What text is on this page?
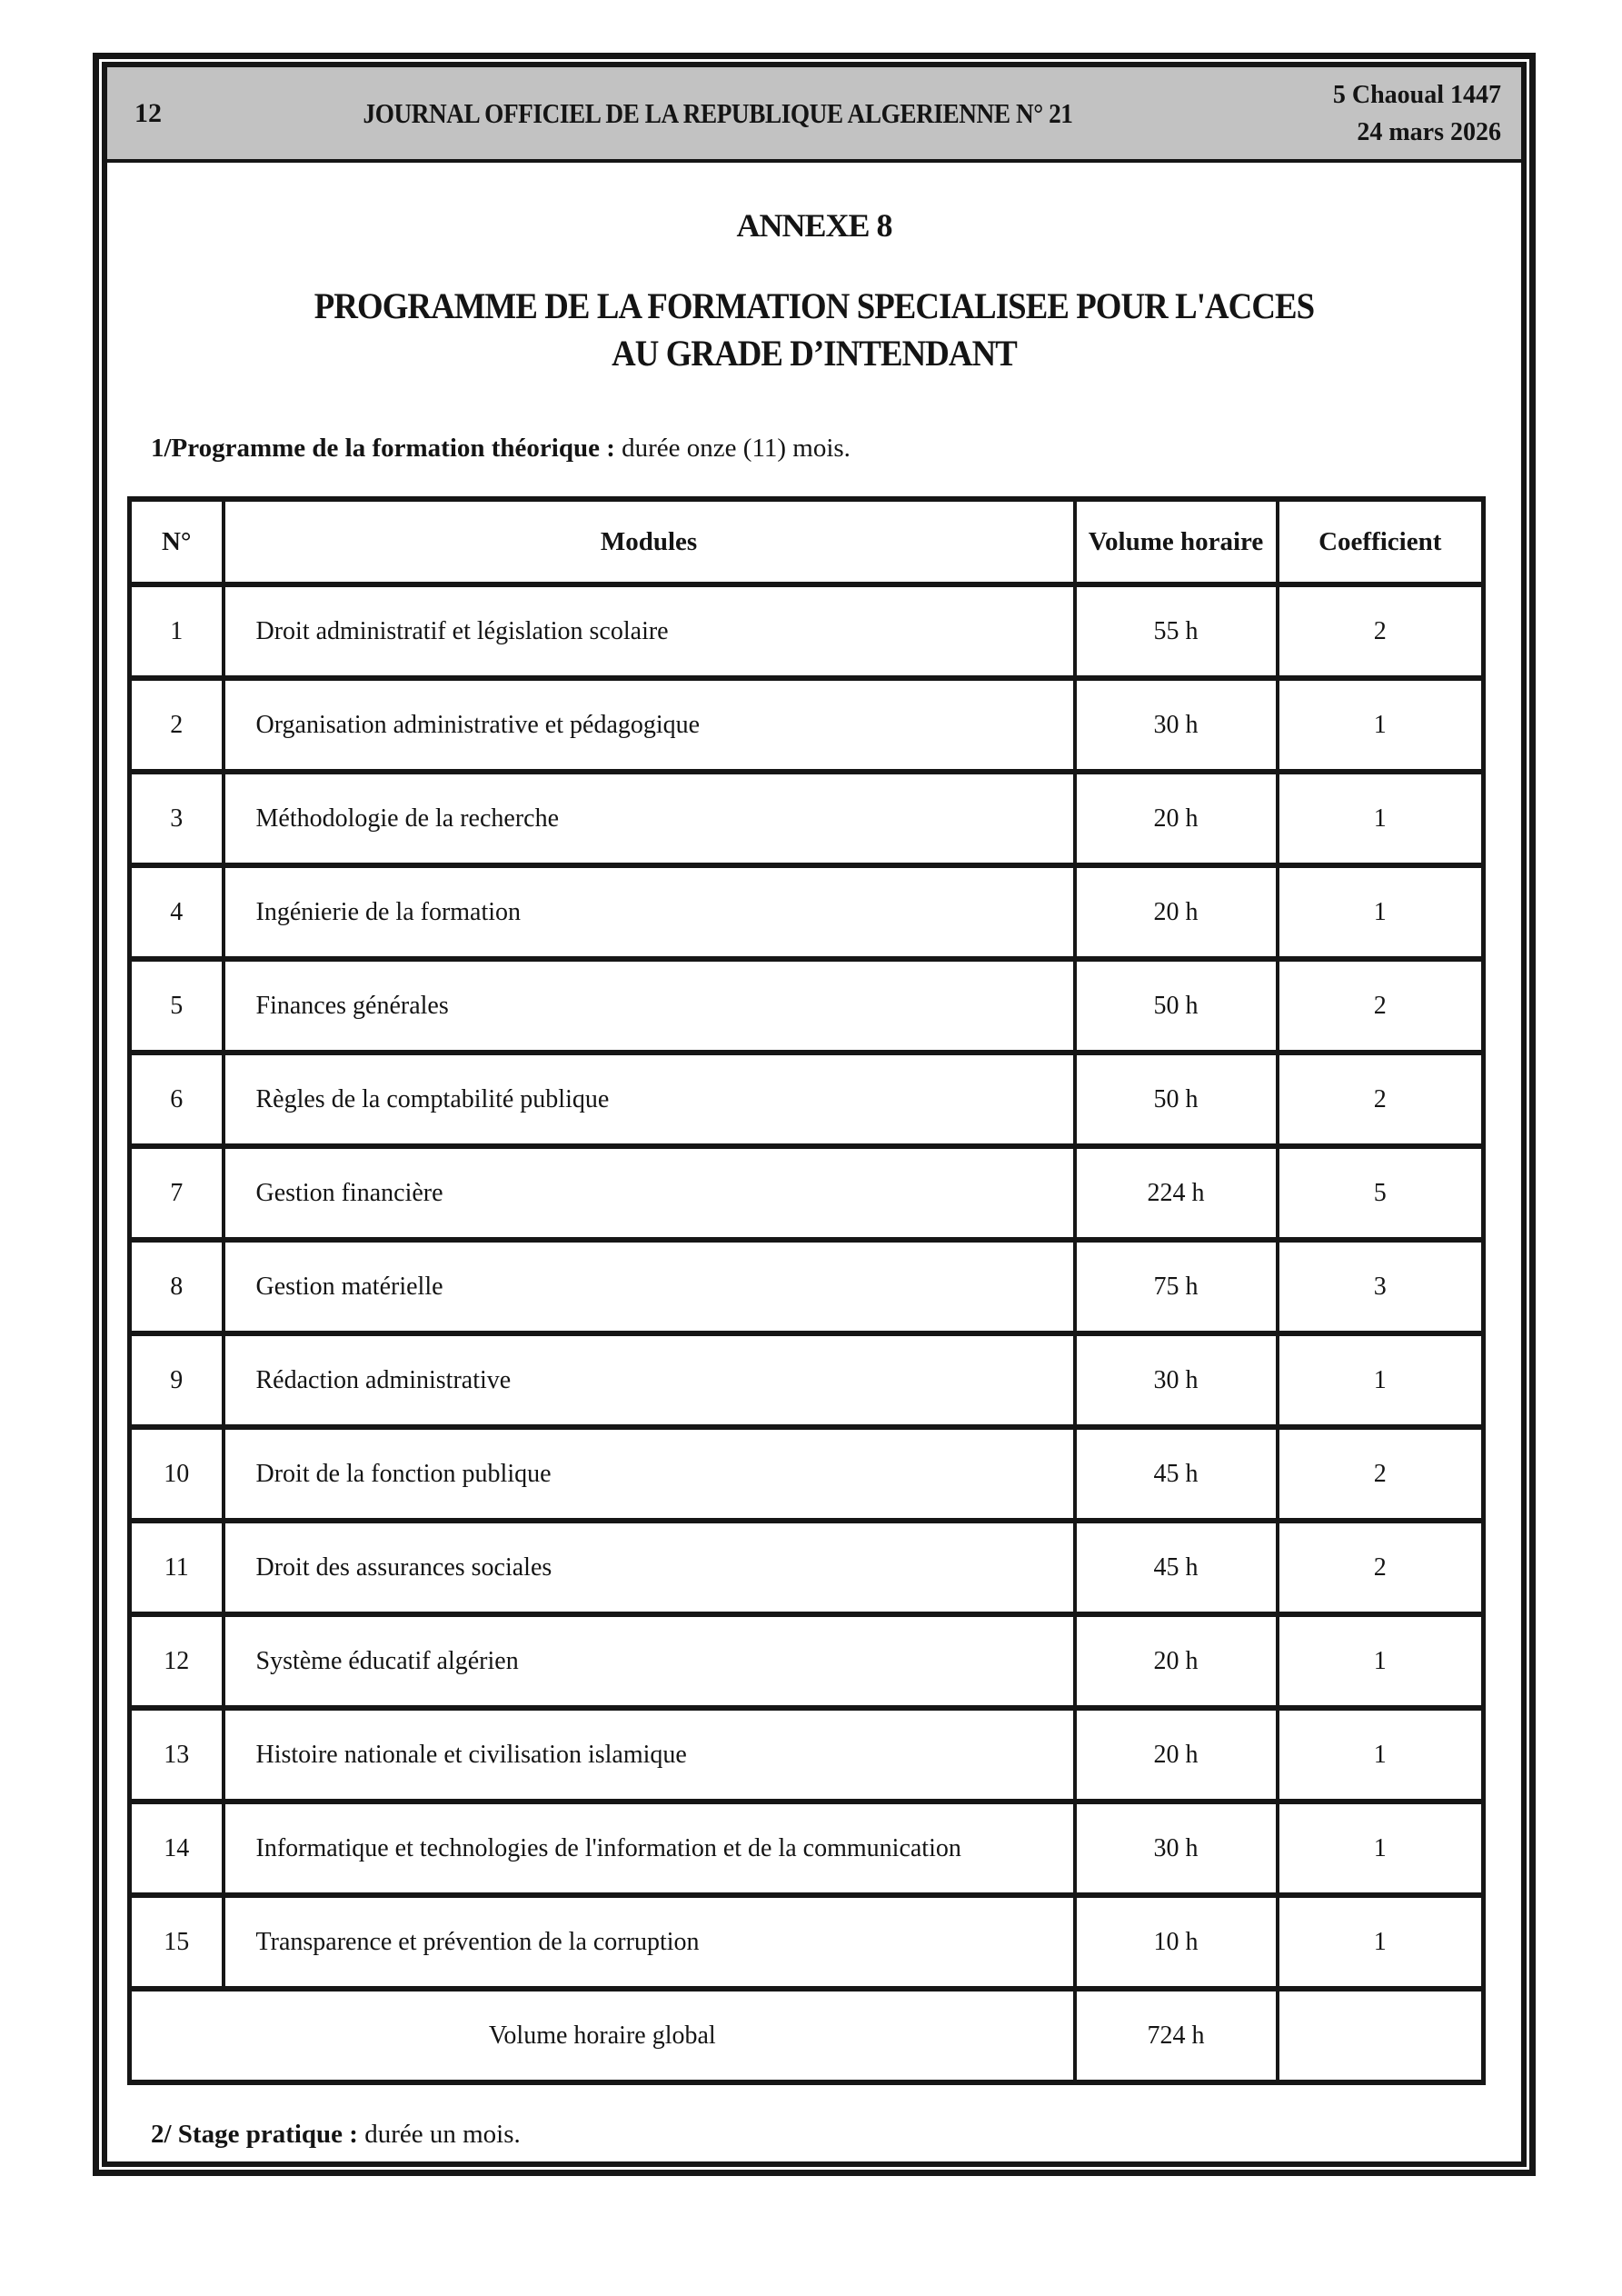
12	JOURNAL OFFICIEL DE LA REPUBLIQUE ALGERIENNE N° 21
5 Chaoual 1447
24 mars 2026
ANNEXE 8
PROGRAMME DE LA FORMATION SPECIALISEE POUR L'ACCES
AU GRADE D’INTENDANT
1/Programme de la formation théorique : durée onze (11) mois.
N°	Modules	Volume horaire	Coefficient
1	Droit administratif et législation scolaire	55 h	2
2	Organisation administrative et pédagogique	30 h	1
3	Méthodologie de la recherche	20 h	1
4	Ingénierie de la formation	20 h	1
5	Finances générales	50 h	2
6	Règles de la comptabilité publique	50 h	2
7	Gestion financière	224 h	5
8	Gestion matérielle	75 h	3
9	Rédaction administrative	30 h	1
10	Droit de la fonction publique	45 h	2
11	Droit des assurances sociales	45 h	2
12	Système éducatif algérien	20 h	1
13	Histoire nationale et civilisation islamique	20 h	1
14	Informatique et technologies de l'information et de la communication	30 h	1
15	Transparence et prévention de la corruption	10 h	1
Volume horaire global		724 h	
2/ Stage pratique : durée un mois.
